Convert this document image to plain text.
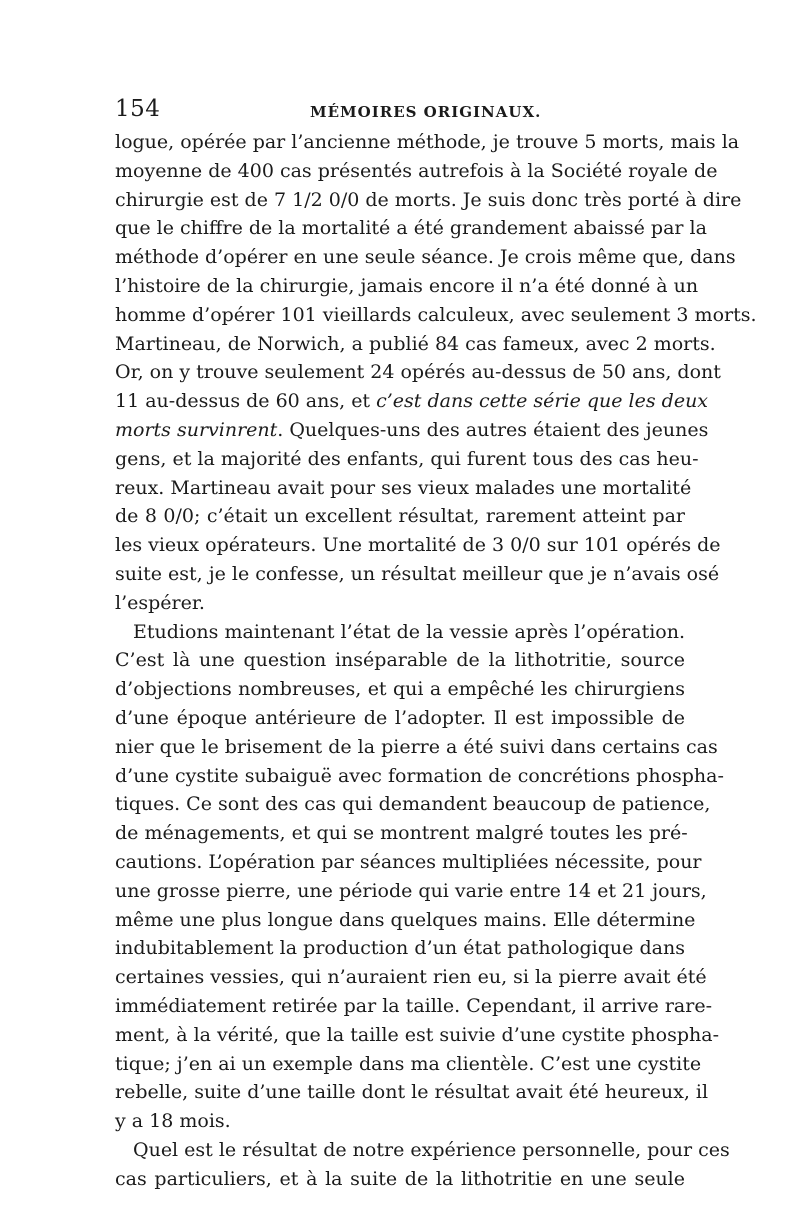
154	MÉMOIRES ORIGINAUX.
logue, opérée par l’ancienne méthode, je trouve 5 morts, mais la
moyenne de 400 cas présentés autrefois à la Société royale de
chirurgie est de 7 1/2 0/0 de morts. Je suis donc très porté à dire
que le chiffre de la mortalité a été grandement abaissé par la
méthode d’opérer en une seule séance. Je crois même que, dans
l’histoire de la chirurgie, jamais encore il n’a été donné à un
homme d’opérer 101 vieillards calculeux, avec seulement 3 morts.
Martineau, de Norwich, a publié 84 cas fameux, avec 2 morts.
Or, on y trouve seulement 24 opérés au-dessus de 50 ans, dont
11 au-dessus de 60 ans, et c’est dans cette série que les deux
morts survinrent. Quelques-uns des autres étaient des jeunes
gens, et la majorité des enfants, qui furent tous des cas heu-
reux. Martineau avait pour ses vieux malades une mortalité
de 8 0/0; c’était un excellent résultat, rarement atteint par
les vieux opérateurs. Une mortalité de 3 0/0 sur 101 opérés de
suite est, je le confesse, un résultat meilleur que je n’avais osé
l’espérer.
Etudions maintenant l’état de la vessie après l’opération.
C’est là une question inséparable de la lithotritie, source
d’objections nombreuses, et qui a empêché les chirurgiens
d’une époque antérieure de l’adopter. Il est impossible de
nier que le brisement de la pierre a été suivi dans certains cas
d’une cystite subaiguë avec formation de concrétions phospha-
tiques. Ce sont des cas qui demandent beaucoup de patience,
de ménagements, et qui se montrent malgré toutes les pré-
cautions. L’opération par séances multipliées nécessite, pour
une grosse pierre, une période qui varie entre 14 et 21 jours,
même une plus longue dans quelques mains. Elle détermine
indubitablement la production d’un état pathologique dans
certaines vessies, qui n’auraient rien eu, si la pierre avait été
immédiatement retirée par la taille. Cependant, il arrive rare-
ment, à la vérité, que la taille est suivie d’une cystite phospha-
tique; j’en ai un exemple dans ma clientèle. C’est une cystite
rebelle, suite d’une taille dont le résultat avait été heureux, il
y a 18 mois.
Quel est le résultat de notre expérience personnelle, pour ces
cas particuliers, et à la suite de la lithotritie en une seule
